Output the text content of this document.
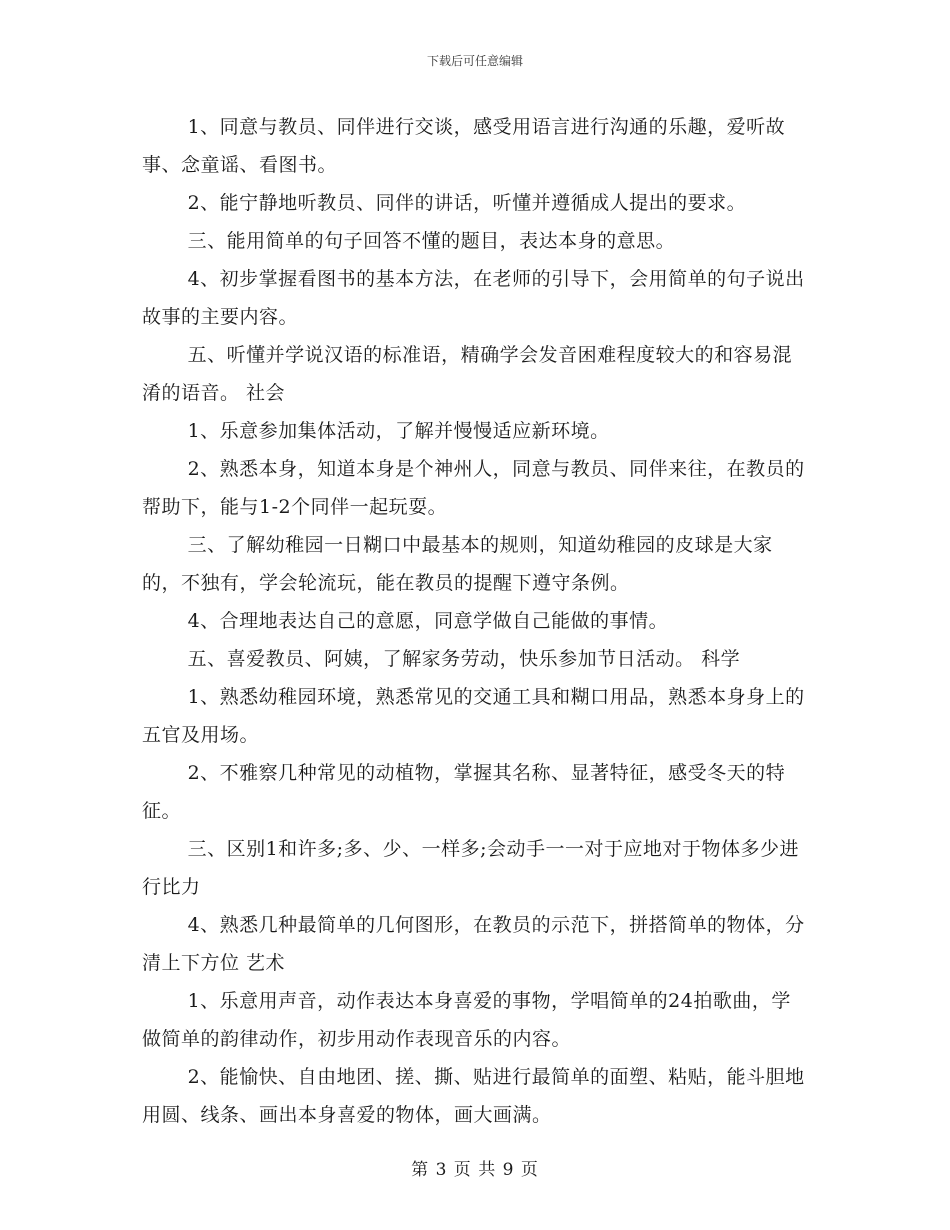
下载后可任意编辑

1、同意与教员、同伴进行交谈，感受用语言进行沟通的乐趣，爱听故事、念童谣、看图书。

2、能宁静地听教员、同伴的讲话，听懂并遵循成人提出的要求。

三、能用简单的句子回答不懂的题目，表达本身的意思。

4、初步掌握看图书的基本方法，在老师的引导下，会用简单的句子说出故事的主要内容。

五、听懂并学说汉语的标准语，精确学会发音困难程度较大的和容易混淆的语音。 社会

1、乐意参加集体活动，了解并慢慢适应新环境。

2、熟悉本身，知道本身是个神州人，同意与教员、同伴来往，在教员的帮助下，能与1-2个同伴一起玩耍。

三、了解幼稚园一日糊口中最基本的规则，知道幼稚园的皮球是大家的，不独有，学会轮流玩，能在教员的提醒下遵守条例。

4、合理地表达自己的意愿，同意学做自己能做的事情。

五、喜爱教员、阿姨，了解家务劳动，快乐参加节日活动。 科学

1、熟悉幼稚园环境，熟悉常见的交通工具和糊口用品，熟悉本身身上的五官及用场。

2、不雅察几种常见的动植物，掌握其名称、显著特征，感受冬天的特征。

三、区别1和许多;多、少、一样多;会动手一一对于应地对于物体多少进行比力

4、熟悉几种最简单的几何图形，在教员的示范下，拼搭简单的物体，分清上下方位 艺术

1、乐意用声音，动作表达本身喜爱的事物，学唱简单的24拍歌曲，学做简单的韵律动作，初步用动作表现音乐的内容。

2、能愉快、自由地团、搓、撕、贴进行最简单的面塑、粘贴，能斗胆地用圆、线条、画出本身喜爱的物体，画大画满。

第 3 页 共 9 页
